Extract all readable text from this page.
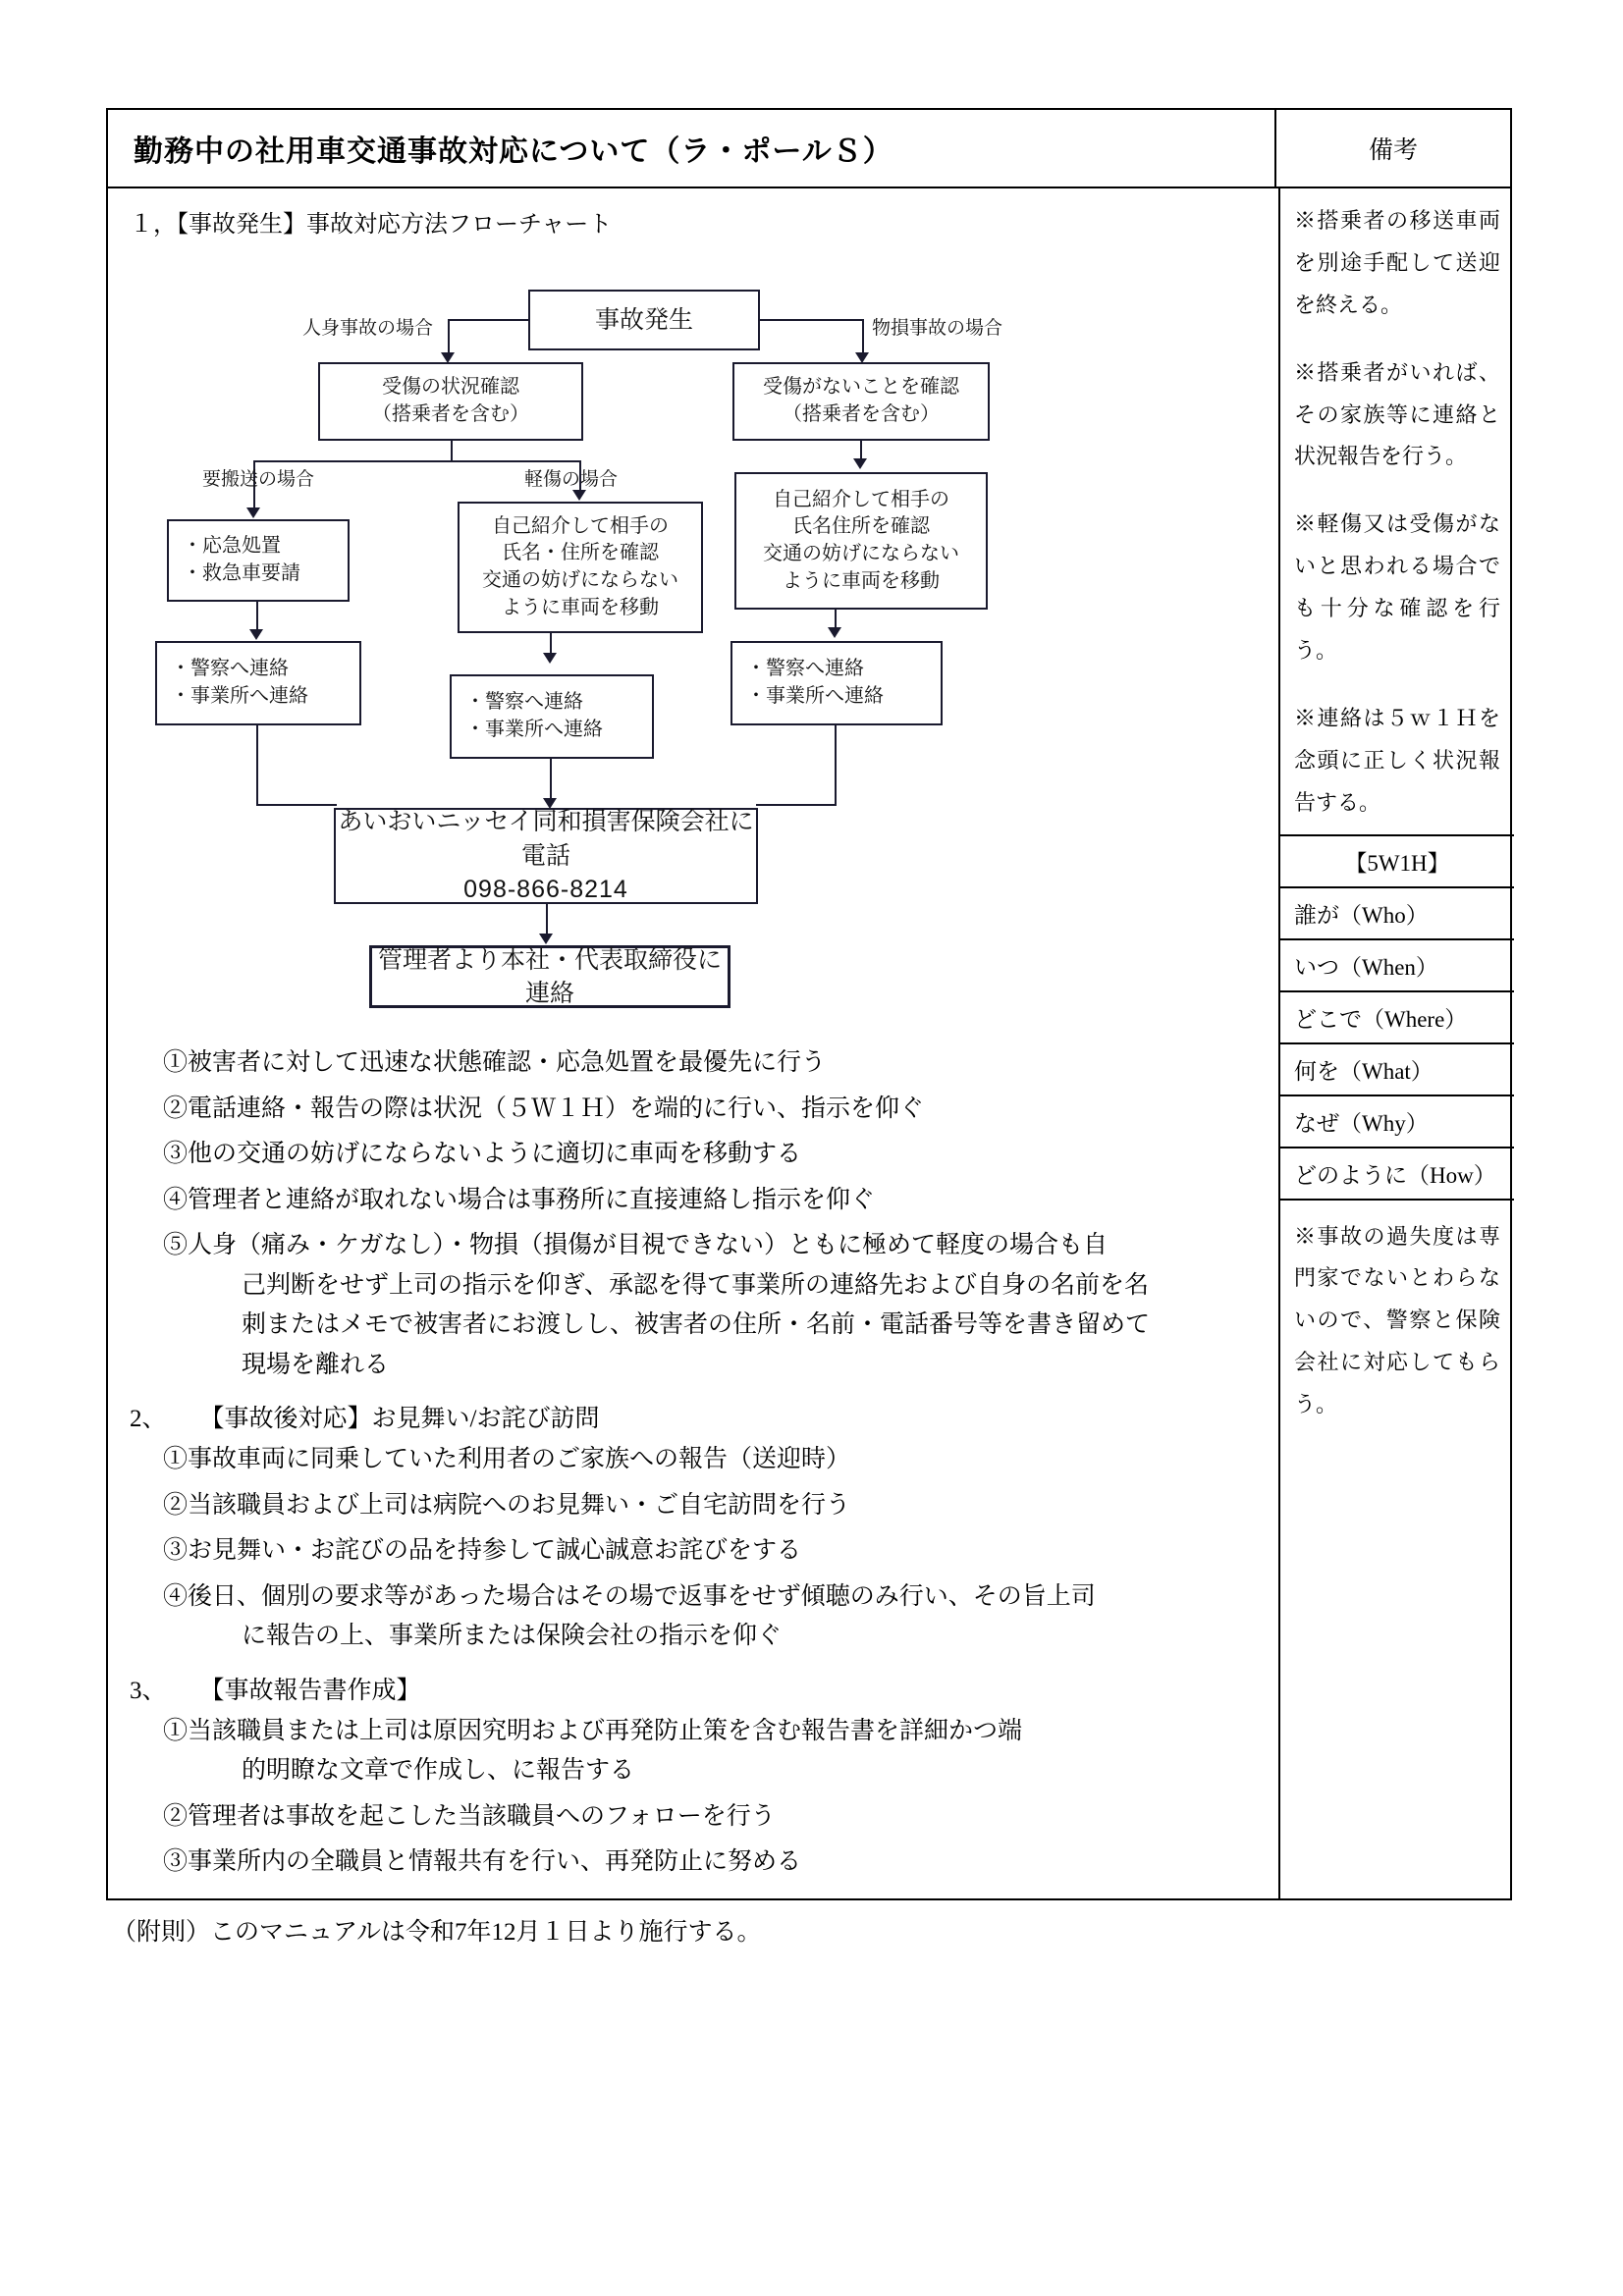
勤務中の社用車交通事故対応について（ラ・ポールＳ）	備考
１，【事故発生】事故対応方法フローチャート
事故発生
人身事故の場合	物損事故の場合
受傷の状況確認
（搭乗者を含む）
受傷がないことを確認
（搭乗者を含む）
要搬送の場合	軽傷の場合
・応急処置
・救急車要請
自己紹介して相手の
氏名・住所を確認
交通の妨げにならない
ように車両を移動
自己紹介して相手の
氏名住所を確認
交通の妨げにならない
ように車両を移動
・警察へ連絡
・事業所へ連絡	・警察へ連絡
・事業所へ連絡
・警察へ連絡
・事業所へ連絡
あいおいニッセイ同和損害保険会社に電話
098-866-8214
管理者より本社・代表取締役に連絡
①被害者に対して迅速な状態確認・応急処置を最優先に行う
②電話連絡・報告の際は状況（５Ｗ１Ｈ）を端的に行い、指示を仰ぐ
③他の交通の妨げにならないように適切に車両を移動する
④管理者と連絡が取れない場合は事務所に直接連絡し指示を仰ぐ
⑤人身（痛み・ケガなし）・物損（損傷が目視できない）ともに極めて軽度の場合も自
己判断をせず上司の指示を仰ぎ、承認を得て事業所の連絡先および自身の名前を名
刺またはメモで被害者にお渡しし、被害者の住所・名前・電話番号等を書き留めて
現場を離れる
2、 【事故後対応】お見舞い/お詫び訪問
①事故車両に同乗していた利用者のご家族への報告（送迎時）
②当該職員および上司は病院へのお見舞い・ご自宅訪問を行う
③お見舞い・お詫びの品を持参して誠心誠意お詫びをする
④後日、個別の要求等があった場合はその場で返事をせず傾聴のみ行い、その旨上司
に報告の上、事業所または保険会社の指示を仰ぐ
3、 【事故報告書作成】
①当該職員または上司は原因究明および再発防止策を含む報告書を詳細かつ端
的明瞭な文章で作成し、に報告する
②管理者は事故を起こした当該職員へのフォローを行う
③事業所内の全職員と情報共有を行い、再発防止に努める

※搭乗者の移送車両を別途手配して送迎を終える。

※搭乗者がいれば、その家族等に連絡と状況報告を行う。

※軽傷又は受傷がないと思われる場合でも十分な確認を行う。

※連絡は５ｗ１Ｈを念頭に正しく状況報告する。

【5W1H】
誰が（Who）
いつ（When）
どこで（Where）
何を（What）
なぜ（Why）
どのように（How）
※事故の過失度は専門家でないとわらないので、警察と保険会社に対応してもらう。
（附則）このマニュアルは令和7年12月１日より施行する。
